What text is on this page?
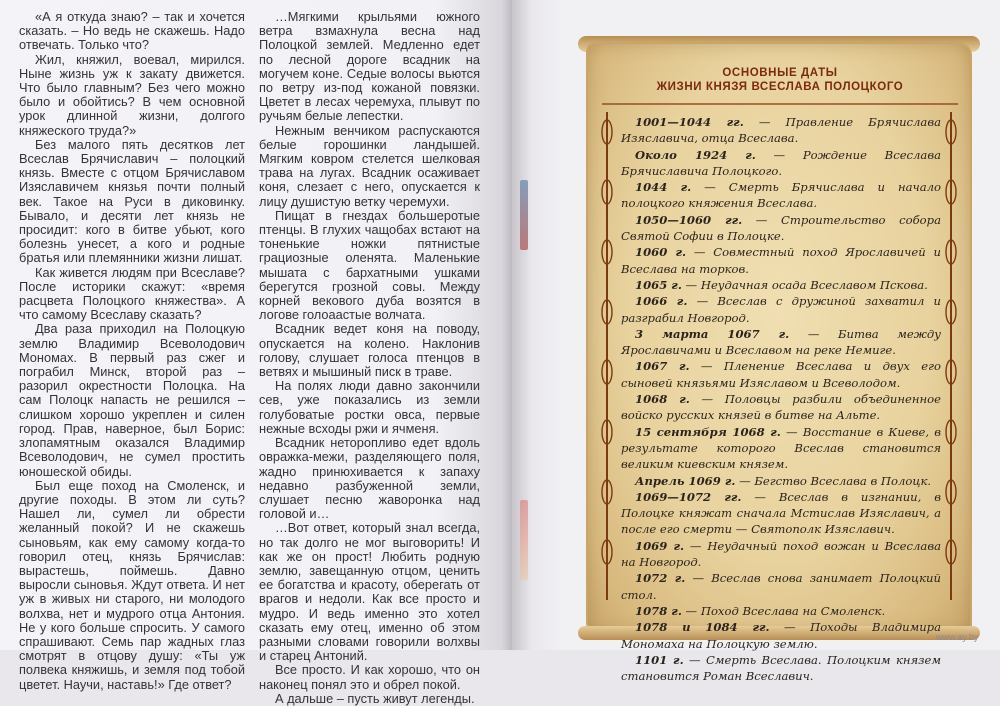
«А я откуда знаю? – так и хочется сказать. – Но ведь не скажешь. Надо отвечать. Только что?

Жил, княжил, воевал, мирился. Ныне жизнь уж к закату движется. Что было главным? Без чего можно было и обойтись? В чем основной урок длинной жизни, долгого княжеского труда?»

Без малого пять десятков лет Всеслав Брячиславич – полоцкий князь. Вместе с отцом Брячиславом Изяславичем князья почти полный век. Такое на Руси в диковинку. Бывало, и десяти лет князь не просидит: кого в битве убьют, кого болезнь унесет, а кого и родные братья или племянники жизни лишат.

Как живется людям при Всеславе? После историки скажут: «время расцвета Полоцкого княжества». А что самому Всеславу сказать?

Два раза приходил на Полоцкую землю Владимир Всеволодович Мономах. В первый раз сжег и пограбил Минск, второй раз – разорил окрестности Полоцка. На сам Полоцк напасть не решился – слишком хорошо укреплен и силен город. Прав, наверное, был Борис: злопамятным оказался Владимир Всеволодович, не сумел простить юношеской обиды.

Был еще поход на Смоленск, и другие походы. В этом ли суть? Нашел ли, сумел ли обрести желанный покой? И не скажешь сыновьям, как ему самому когда-то говорил отец, князь Брячислав: вырастешь, поймешь. Давно выросли сыновья. Ждут ответа. И нет уж в живых ни старого, ни молодого волхва, нет и мудрого отца Антония. Не у кого больше спросить. У самого спрашивают. Семь пар жадных глаз смотрят в отцову душу: «Ты уж полвека княжишь, и земля под тобой цветет. Научи, наставь!» Где ответ?

…Мягкими крыльями южного ветра взмахнула весна над Полоцкой землей. Медленно едет по лесной дороге всадник на могучем коне. Седые волосы вьются по ветру из-под кожаной повязки. Цветет в лесах черемуха, плывут по ручьям белые лепестки.

Нежным венчиком распускаются белые горошинки ландышей. Мягким ковром стелется шелковая трава на лугах. Всадник осаживает коня, слезает с него, опускается к лицу душистую ветку черемухи.

Пищат в гнездах большеротые птенцы. В глухих чащобах встают на тоненькие ножки пятнистые грациозные оленята. Маленькие мышата с бархатными ушками берегутся грозной совы. Между корней векового дуба возятся в логове голоаастые волчата.

Всадник ведет коня на поводу, опускается на колено. Наклонив голову, слушает голоса птенцов в ветвях и мышиный писк в траве.

На полях люди давно закончили сев, уже показались из земли голубоватые ростки овса, первые нежные всходы ржи и ячменя.

Всадник неторопливо едет вдоль овражка-межи, разделяющего поля, жадно принюхивается к запаху недавно разбуженной земли, слушает песню жаворонка над головой и…

…Вот ответ, который знал всегда, но так долго не мог выговорить! И как же он прост! Любить родную землю, завещанную отцом, ценить ее богатства и красоту, оберегать от врагов и недоли. Как все просто и мудро. И ведь именно это хотел сказать ему отец, именно об этом разными словами говорили волхвы и старец Антоний.

Все просто. И как хорошо, что он наконец понял это и обрел покой.

А дальше – пусть живут легенды.

ОСНОВНЫЕ ДАТЫ
ЖИЗНИ КНЯЗЯ ВСЕСЛАВА ПОЛОЦКОГО

1001—1044 гг. — Правление Брячислава Изяславича, отца Всеслава.

Около 1924 г. — Рождение Всеслава Брячиславича Полоцкого.

1044 г. — Смерть Брячислава и начало полоцкого княжения Всеслава.

1050—1060 гг. — Строительство собора Святой Софии в Полоцке.

1060 г. — Совместный поход Ярославичей и Всеслава на торков.

1065 г. — Неудачная осада Всеславом Пскова.

1066 г. — Всеслав с дружиной захватил и разграбил Новгород.

3 марта 1067 г. — Битва между Ярославичами и Всеславом на реке Немиге.

1067 г. — Пленение Всеслава и двух его сыновей князьями Изяславом и Всеволодом.

1068 г. — Половцы разбили объединенное войско русских князей в битве на Альте.

15 сентября 1068 г. — Восстание в Киеве, в результате которого Всеслав становится великим киевским князем.

Апрель 1069 г. — Бегство Всеслава в Полоцк.

1069—1072 гг. — Всеслав в изгнании, в Полоцке княжат сначала Мстислав Изяславич, а после его смерти — Святополк Изяславич.

1069 г. — Неудачный поход вожан и Всеслава на Новгород.

1072 г. — Всеслав снова занимает Полоцкий стол.

1078 г. — Поход Всеслава на Смоленск.

1078 и 1084 гг. — Походы Владимира Мономаха на Полоцкую землю.

1101 г. — Смерть Всеслава. Полоцким князем становится Роман Всеславич.

www.ay.by
